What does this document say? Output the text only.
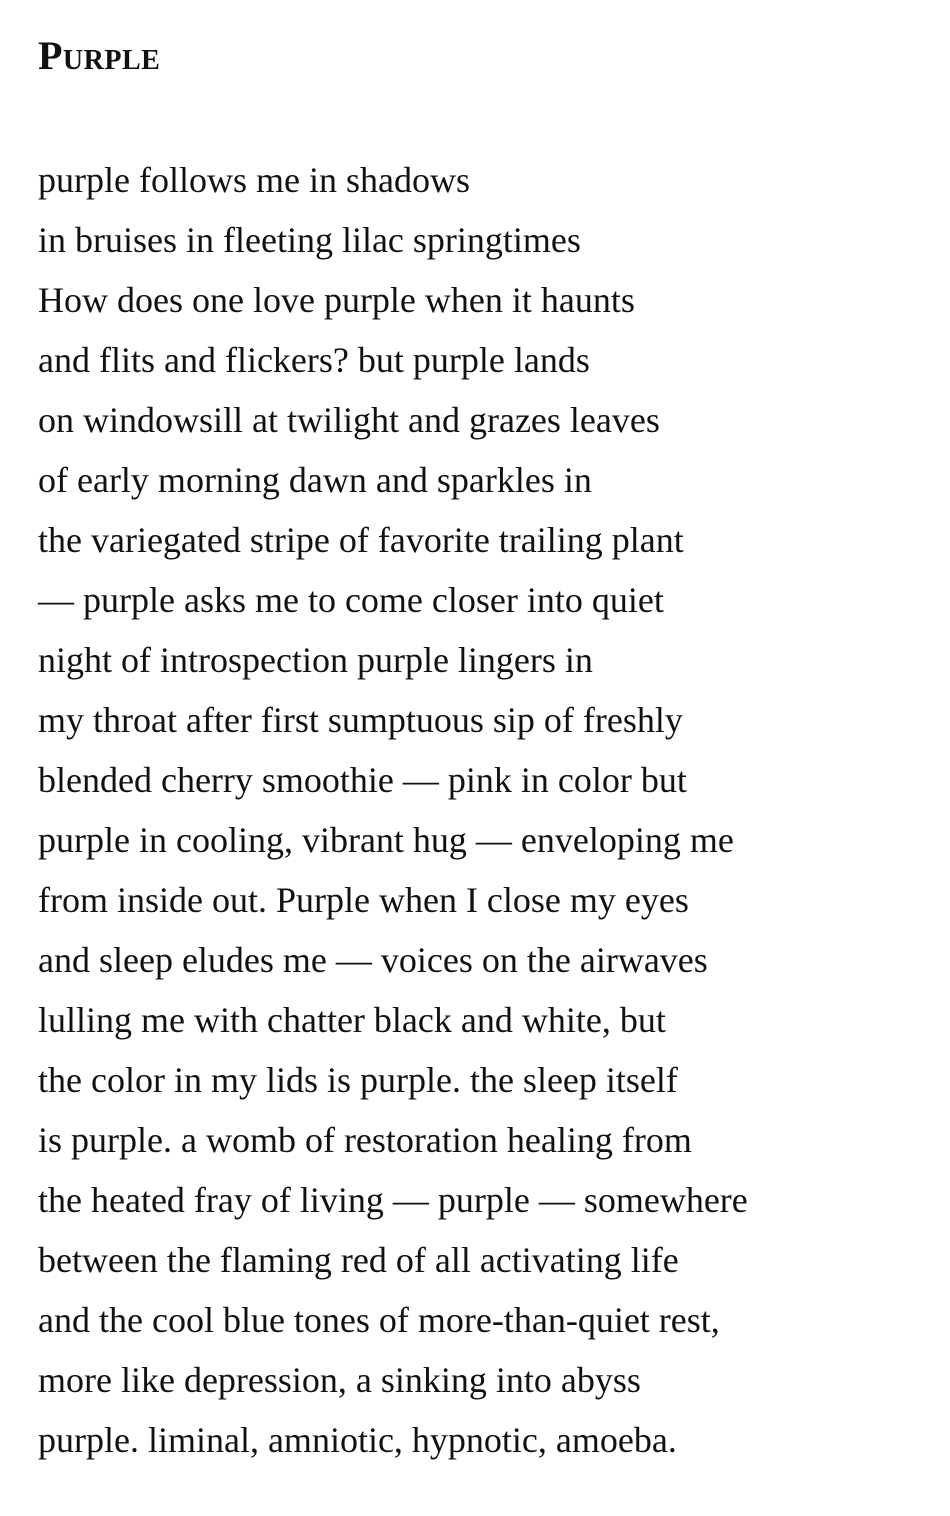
Purple
purple follows me in shadows
in bruises in fleeting lilac springtimes
How does one love purple when it haunts
and flits and flickers? but purple lands
on windowsill at twilight and grazes leaves
of early morning dawn and sparkles in
the variegated stripe of favorite trailing plant
— purple asks me to come closer into quiet
night of introspection purple lingers in
my throat after first sumptuous sip of freshly
blended cherry smoothie — pink in color but
purple in cooling, vibrant hug — enveloping me
from inside out. Purple when I close my eyes
and sleep eludes me — voices on the airwaves
lulling me with chatter black and white, but
the color in my lids is purple. the sleep itself
is purple. a womb of restoration healing from
the heated fray of living — purple — somewhere
between the flaming red of all activating life
and the cool blue tones of more-than-quiet rest,
more like depression, a sinking into abyss
purple. liminal, amniotic, hypnotic, amoeba.
